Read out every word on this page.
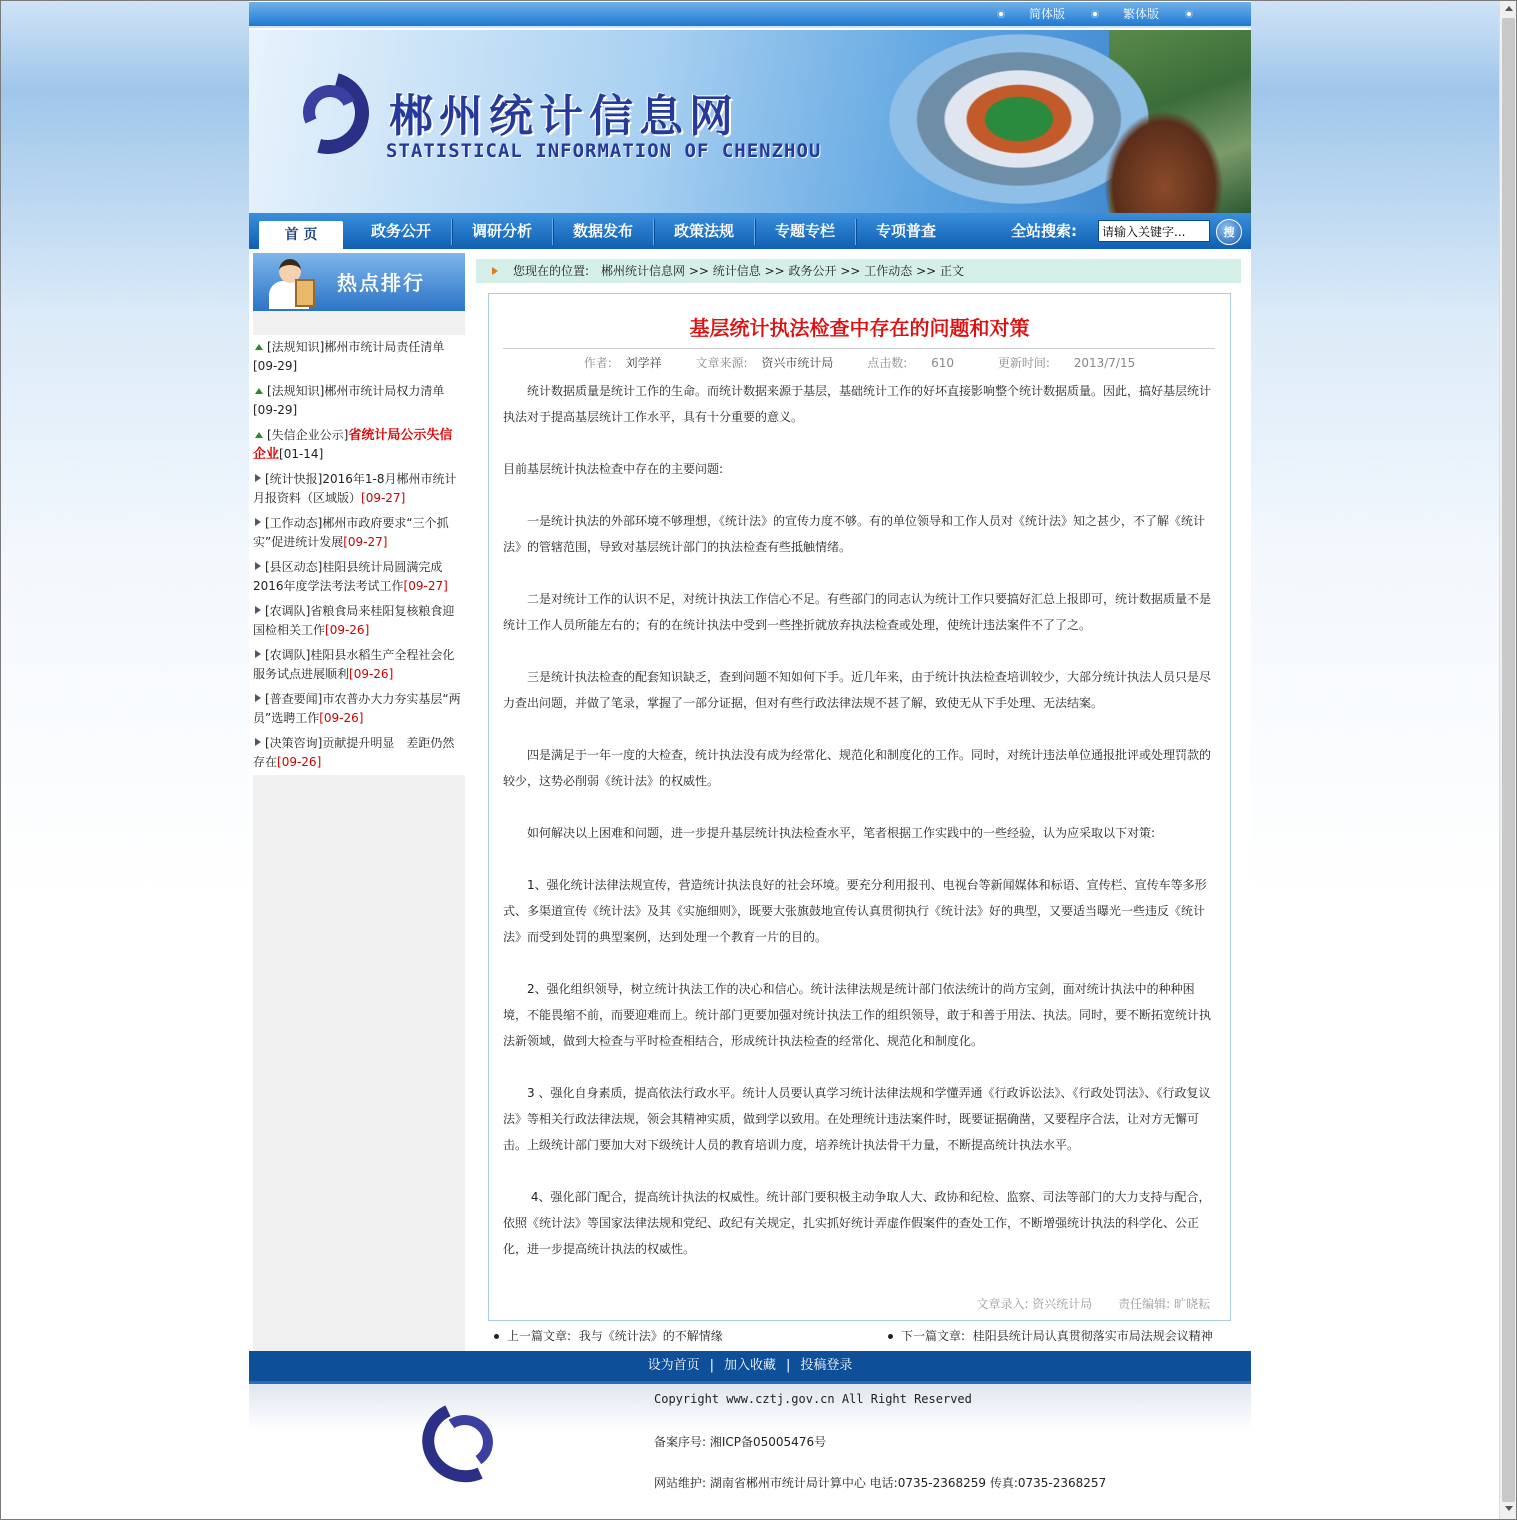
简体版	繁体版
郴州统计信息网
STATISTICAL INFORMATION OF CHENZHOU
首 页	政务公开	调研分析	数据发布	政策法规	专题专栏	专项普查	全站搜索:
请输入关键字...	搜
热点排行
[法规知识]郴州市统计局责任清单
[09-29]
[法规知识]郴州市统计局权力清单
[09-29]
[失信企业公示]省统计局公示失信企业[01-14]
[统计快报]2016年1-8月郴州市统计月报资料（区域版）[09-27]
[工作动态]郴州市政府要求“三个抓实”促进统计发展[09-27]
[县区动态]桂阳县统计局圆满完成2016年度学法考法考试工作[09-27]
[农调队]省粮食局来桂阳复核粮食迎国检相关工作[09-26]
[农调队]桂阳县水稻生产全程社会化服务试点进展顺利[09-26]
[普查要闻]市农普办大力夯实基层“两员”选聘工作[09-26]
[决策咨询]贡献提升明显　差距仍然存在[09-26]
您现在的位置:　郴州统计信息网 >> 统计信息 >> 政务公开 >> 工作动态 >> 正文
基层统计执法检查中存在的问题和对策
作者: 刘学祥	文章来源: 资兴市统计局	点击数: 610	更新时间: 2013/7/15

　　统计数据质量是统计工作的生命。而统计数据来源于基层，基础统计工作的好坏直接影响整个统计数据质量。因此，搞好基层统计执法对于提高基层统计工作水平，具有十分重要的意义。

目前基层统计执法检查中存在的主要问题:

　　一是统计执法的外部环境不够理想，《统计法》的宣传力度不够。有的单位领导和工作人员对《统计法》知之甚少，不了解《统计法》的管辖范围，导致对基层统计部门的执法检查有些抵触情绪。

　　二是对统计工作的认识不足，对统计执法工作信心不足。有些部门的同志认为统计工作只要搞好汇总上报即可，统计数据质量不是统计工作人员所能左右的；有的在统计执法中受到一些挫折就放弃执法检查或处理，使统计违法案件不了了之。

　　三是统计执法检查的配套知识缺乏，查到问题不知如何下手。近几年来，由于统计执法检查培训较少，大部分统计执法人员只是尽力查出问题，并做了笔录，掌握了一部分证据，但对有些行政法律法规不甚了解，致使无从下手处理、无法结案。

　　四是满足于一年一度的大检查，统计执法没有成为经常化、规范化和制度化的工作。同时，对统计违法单位通报批评或处理罚款的较少，这势必削弱《统计法》的权威性。

　　如何解决以上困难和问题，进一步提升基层统计执法检查水平，笔者根据工作实践中的一些经验，认为应采取以下对策:

　　1、强化统计法律法规宣传，营造统计执法良好的社会环境。要充分利用报刊、电视台等新闻媒体和标语、宣传栏、宣传车等多形式、多渠道宣传《统计法》及其《实施细则》，既要大张旗鼓地宣传认真贯彻执行《统计法》好的典型，又要适当曝光一些违反《统计法》而受到处罚的典型案例，达到处理一个教育一片的目的。

　　2、强化组织领导，树立统计执法工作的决心和信心。统计法律法规是统计部门依法统计的尚方宝剑，面对统计执法中的种种困境，不能畏缩不前，而要迎难而上。统计部门更要加强对统计执法工作的组织领导，敢于和善于用法、执法。同时，要不断拓宽统计执法新领域，做到大检查与平时检查相结合，形成统计执法检查的经常化、规范化和制度化。

　　3 、强化自身素质，提高依法行政水平。统计人员要认真学习统计法律法规和学懂弄通《行政诉讼法》、《行政处罚法》、《行政复议法》等相关行政法律法规，领会其精神实质，做到学以致用。在处理统计违法案件时，既要证据确凿，又要程序合法，让对方无懈可击。上级统计部门要加大对下级统计人员的教育培训力度，培养统计执法骨干力量，不断提高统计执法水平。

　　 4、强化部门配合，提高统计执法的权威性。统计部门要积极主动争取人大、政协和纪检、监察、司法等部门的大力支持与配合，依照《统计法》等国家法律法规和党纪、政纪有关规定，扎实抓好统计弄虚作假案件的查处工作，不断增强统计执法的科学化、公正化，进一步提高统计执法的权威性。

文章录入: 资兴统计局 责任编辑: 旷晓耘
上一篇文章: 我与《统计法》的不解情缘	下一篇文章: 桂阳县统计局认真贯彻落实市局法规会议精神
设为首页 | 加入收藏 | 投稿登录
Copyright www.cztj.gov.cn All Right Reserved
备案序号: 湘ICP备05005476号
网站维护: 湖南省郴州市统计局计算中心 电话:0735-2368259 传真:0735-2368257
